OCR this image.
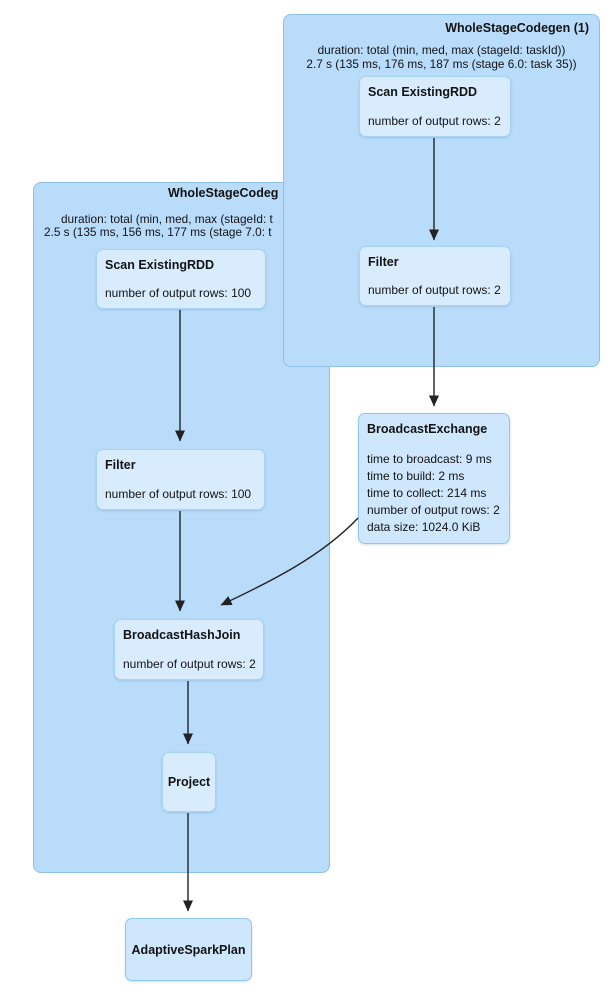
WholeStageCodeg
duration: total (min, med, max (stageId: t
2.5 s (135 ms, 156 ms, 177 ms (stage 7.0: t
Scan ExistingRDD
number of output rows: 100
Filter
number of output rows: 100
BroadcastHashJoin
number of output rows: 2
Project
WholeStageCodegen (1)
duration: total (min, med, max (stageId: taskId))
2.7 s (135 ms, 176 ms, 187 ms (stage 6.0: task 35))
Scan ExistingRDD
number of output rows: 2
Filter
number of output rows: 2
BroadcastExchange
time to broadcast: 9 ms
time to build: 2 ms
time to collect: 214 ms
number of output rows: 2
data size: 1024.0 KiB
AdaptiveSparkPlan
